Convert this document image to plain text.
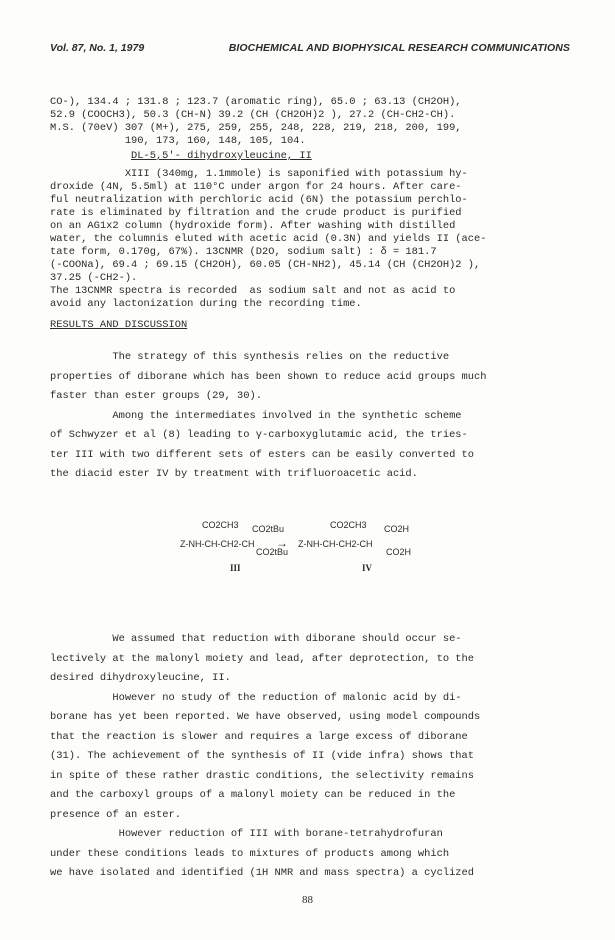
Vol. 87, No. 1, 1979	BIOCHEMICAL AND BIOPHYSICAL RESEARCH COMMUNICATIONS
CO-), 134.4 ; 131.8 ; 123.7 (aromatic ring), 65.0 ; 63.13 (CH2OH),
52.9 (COOCH3), 50.3 (CH-N) 39.2 (CH (CH2OH)2 ), 27.2 (CH-CH2-CH).
M.S. (70eV) 307 (M+), 275, 259, 255, 248, 228, 219, 218, 200, 199,
190, 173, 160, 148, 105, 104.
DL-5,5'- dihydroxyleucine, II
XIII (340mg, 1.1mmole) is saponified with potassium hy-
droxide (4N, 5.5ml) at 110°C under argon for 24 hours. After care-
ful neutralization with perchloric acid (6N) the potassium perchlo-
rate is eliminated by filtration and the crude product is purified
on an AG1x2 column (hydroxide form). After washing with distilled
water, the columnis eluted with acetic acid (0.3N) and yields II (ace-
tate form, 0.170g, 67%). 13CNMR (D2O, sodium salt) : δ = 181.7
(-COONa), 69.4 ; 69.15 (CH2OH), 60.05 (CH-NH2), 45.14 (CH (CH2OH)2 ),
37.25 (-CH2-).
The 13CNMR spectra is recorded  as sodium salt and not as acid to
avoid any lactonization during the recording time.
RESULTS AND DISCUSSION
The strategy of this synthesis relies on the reductive
properties of diborane which has been shown to reduce acid groups much
faster than ester groups (29, 30).
Among the intermediates involved in the synthetic scheme
of Schwyzer et al (8) leading to γ-carboxyglutamic acid, the tries-
ter III with two different sets of esters can be easily converted to
the diacid ester IV by treatment with trifluoroacetic acid.
CO2CH3 CO2tBu
Z-NH-CH-CH2-CH
CO2tBu
→
CO2CH3 CO2H
Z-NH-CH-CH2-CH
CO2H
III	IV
We assumed that reduction with diborane should occur se-
lectively at the malonyl moiety and lead, after deprotection, to the
desired dihydroxyleucine, II.
However no study of the reduction of malonic acid by di-
borane has yet been reported. We have observed, using model compounds
that the reaction is slower and requires a large excess of diborane
(31). The achievement of the synthesis of II (vide infra) shows that
in spite of these rather drastic conditions, the selectivity remains
and the carboxyl groups of a malonyl moiety can be reduced in the
presence of an ester.
However reduction of III with borane-tetrahydrofuran
under these conditions leads to mixtures of products among which
we have isolated and identified (1H NMR and mass spectra) a cyclized
88
